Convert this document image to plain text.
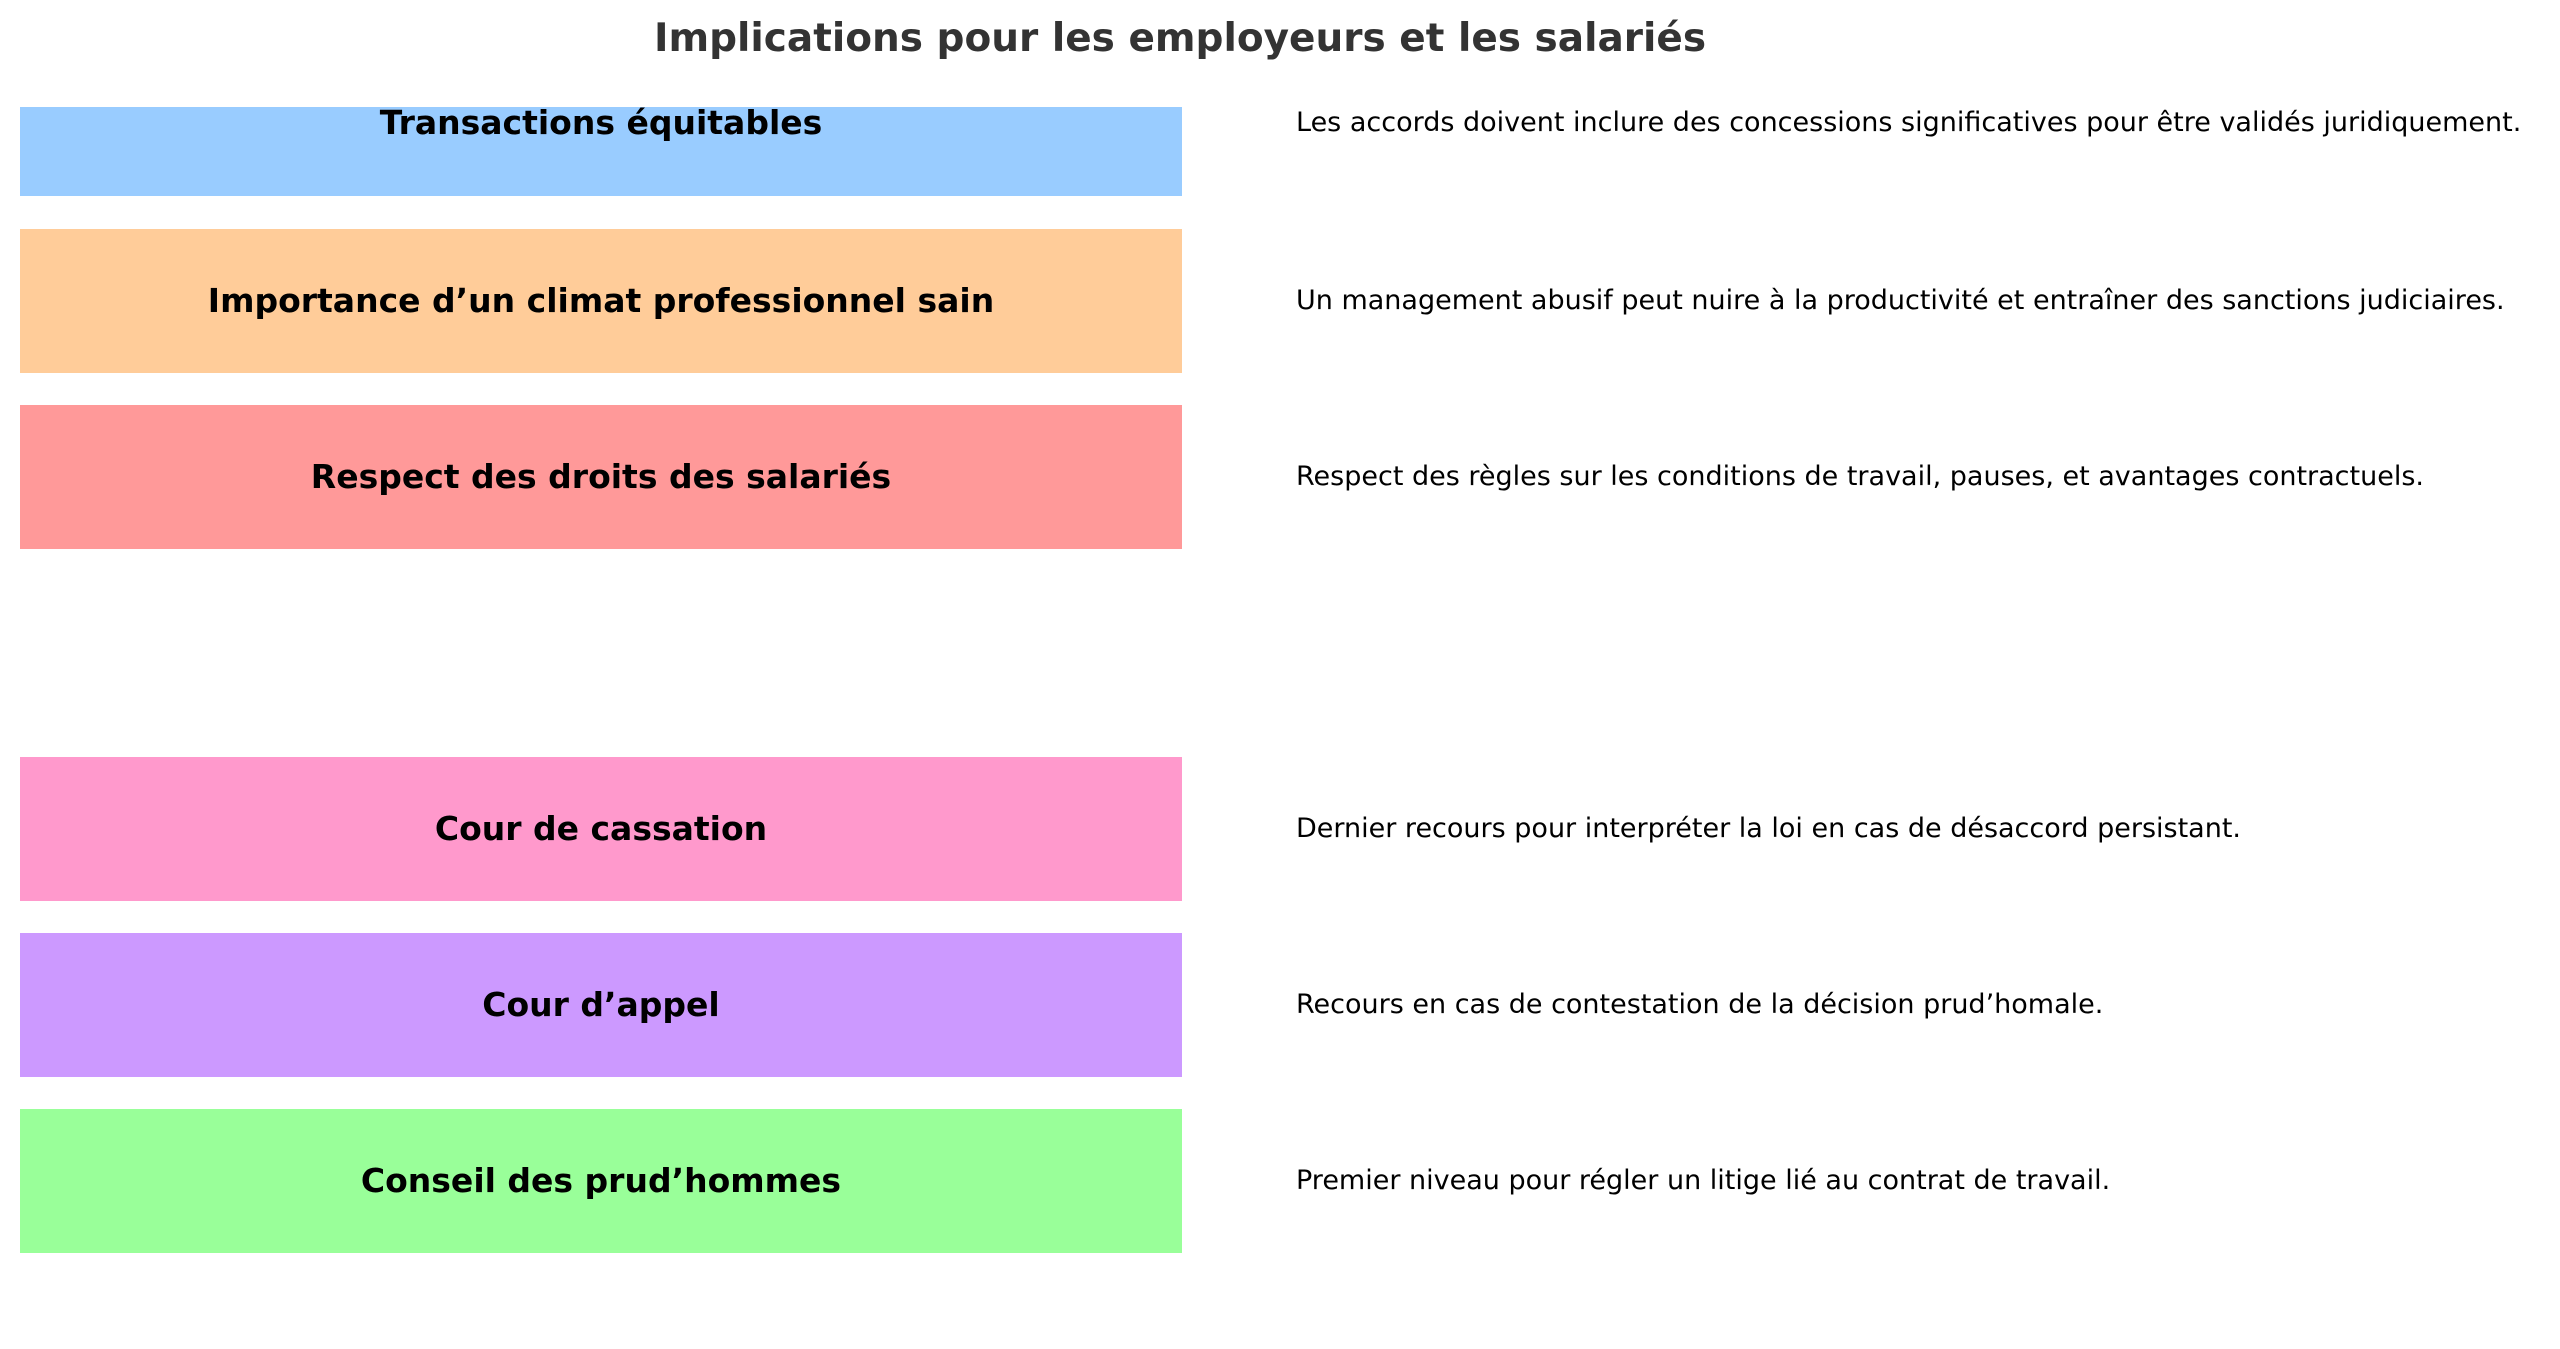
Implications pour les employeurs et les salariés
Transactions équitables	Les accords doivent inclure des concessions significatives pour être validés juridiquement.
Importance d’un climat professionnel sain	Un management abusif peut nuire à la productivité et entraîner des sanctions judiciaires.
Respect des droits des salariés	Respect des règles sur les conditions de travail, pauses, et avantages contractuels.
Cour de cassation	Dernier recours pour interpréter la loi en cas de désaccord persistant.
Cour d’appel	Recours en cas de contestation de la décision prud’homale.
Conseil des prud’hommes	Premier niveau pour régler un litige lié au contrat de travail.
